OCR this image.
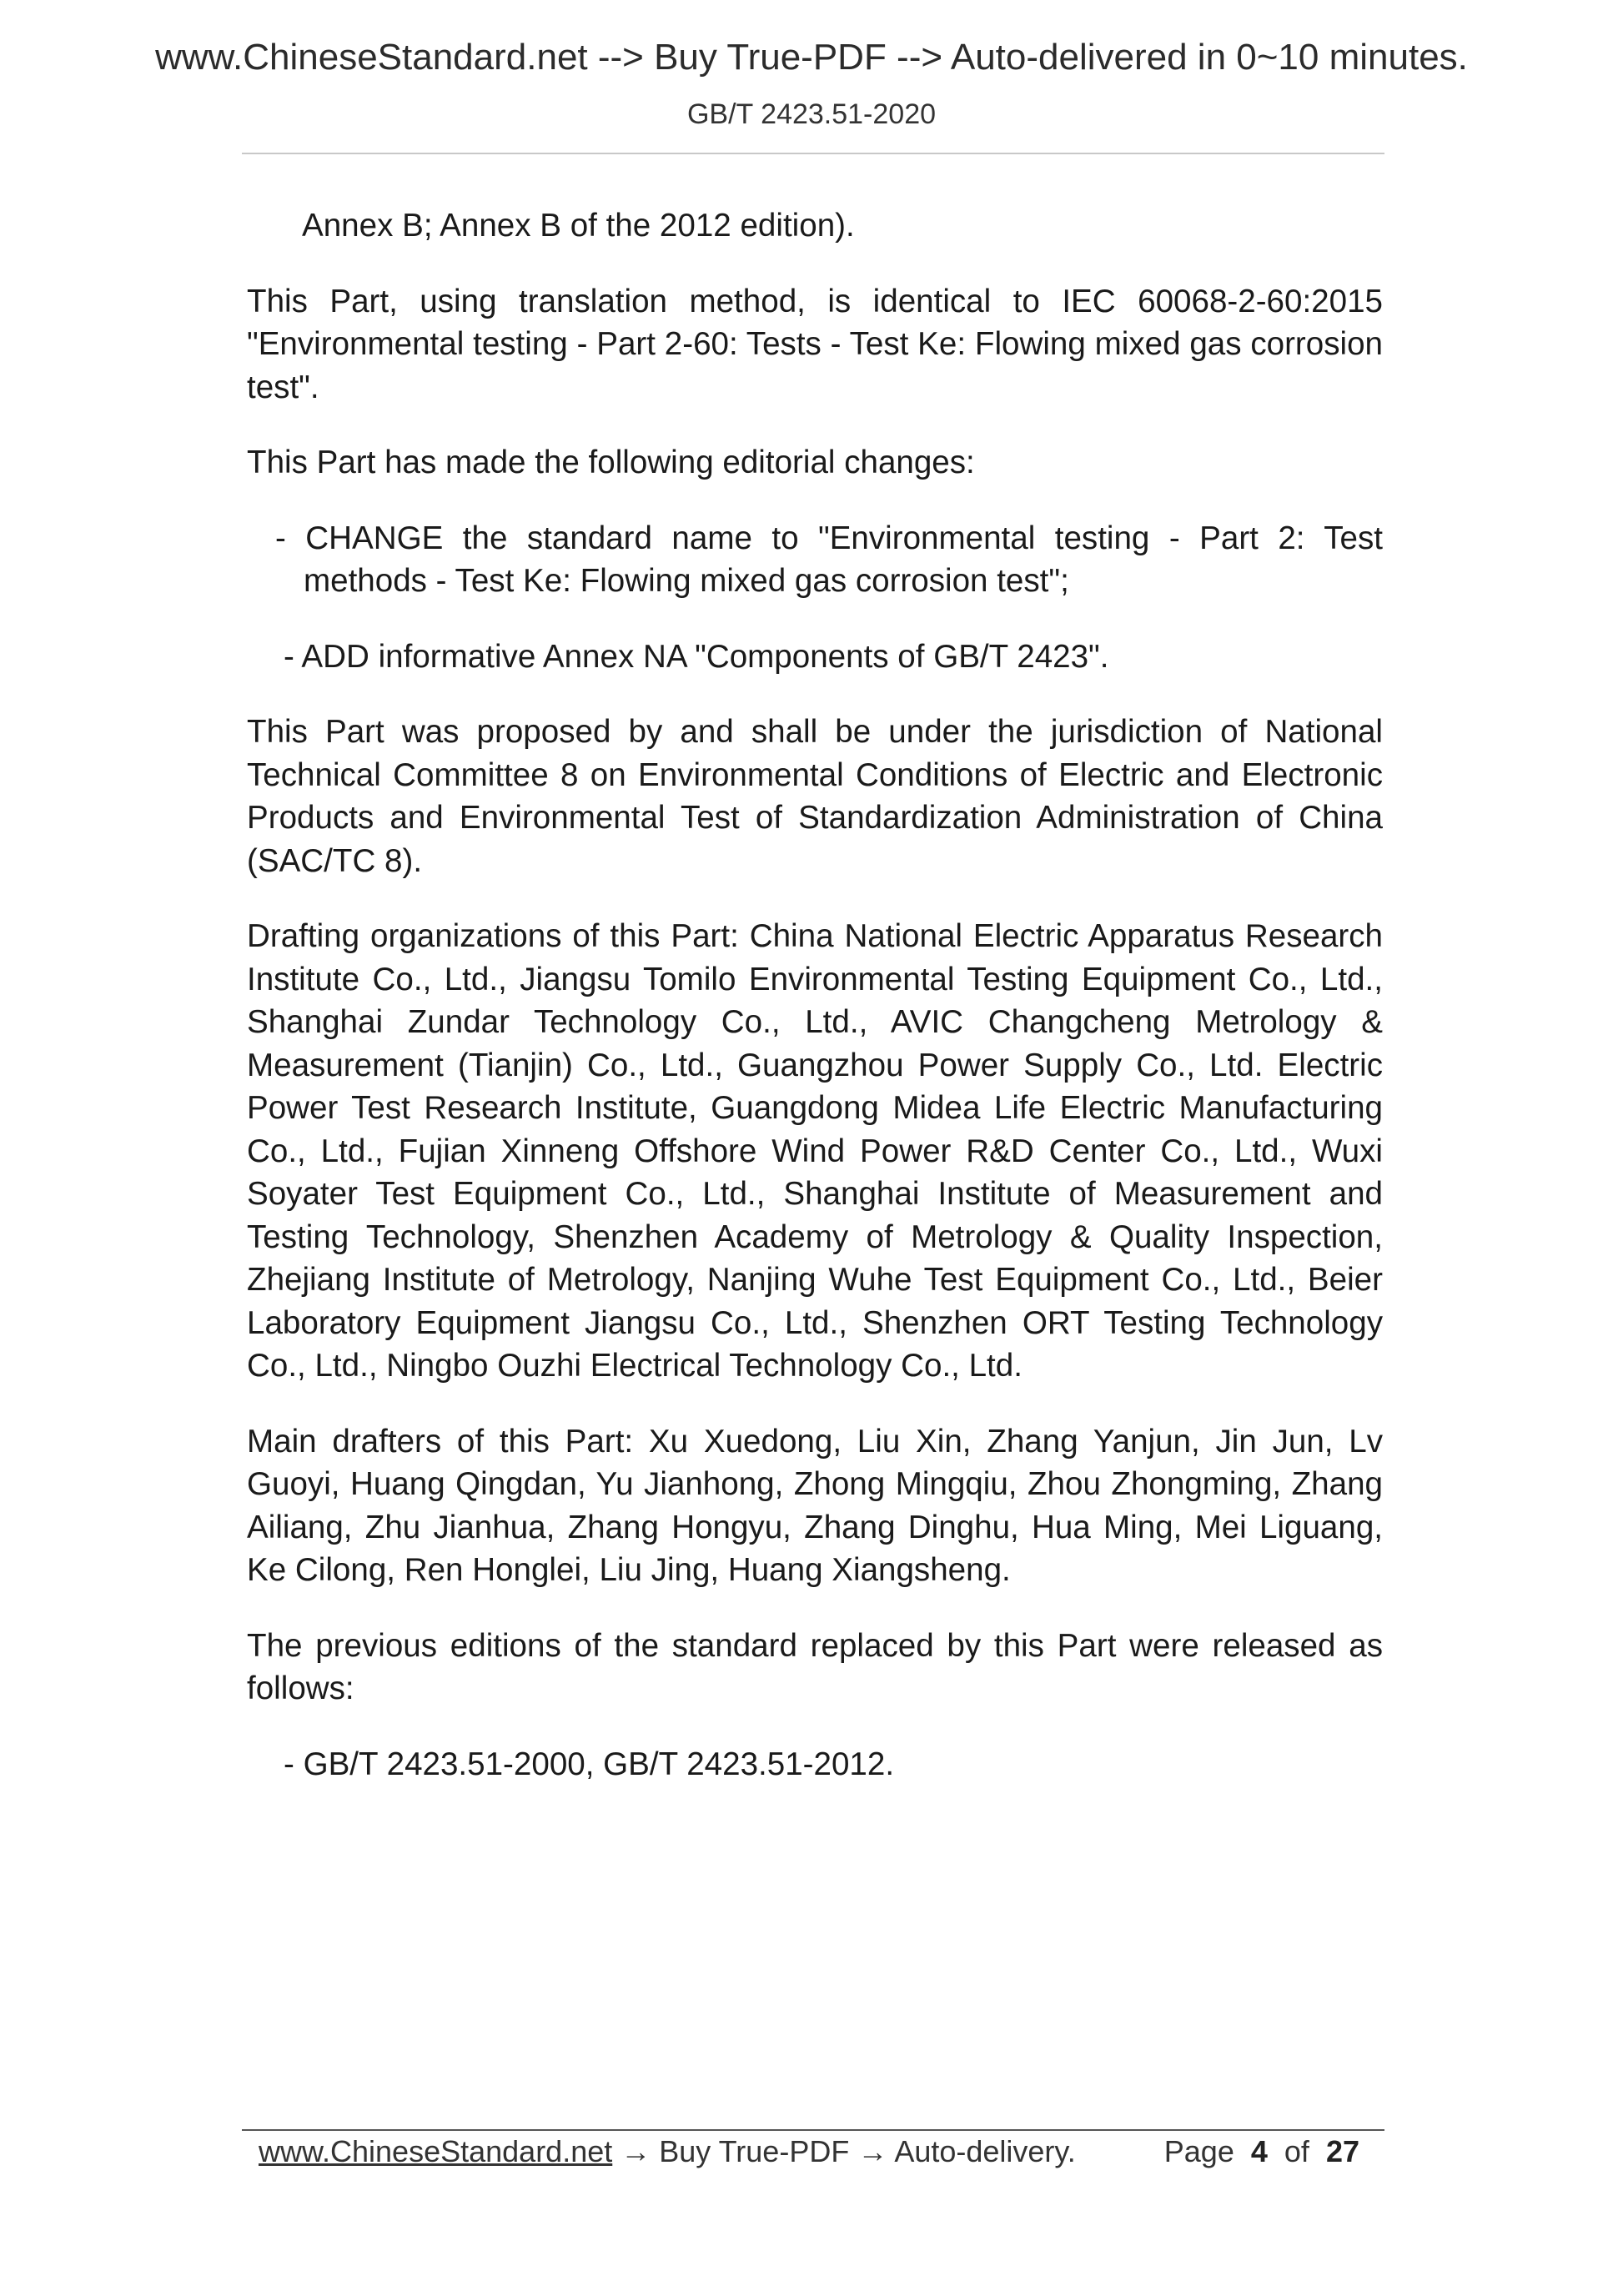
www.ChineseStandard.net --> Buy True-PDF --> Auto-delivered in 0~10 minutes.
GB/T 2423.51-2020

Annex B; Annex B of the 2012 edition).

This Part, using translation method, is identical to IEC 60068-2-60:2015 "Environmental testing - Part 2-60: Tests - Test Ke: Flowing mixed gas corrosion test".

This Part has made the following editorial changes:

- CHANGE the standard name to "Environmental testing - Part 2: Test methods - Test Ke: Flowing mixed gas corrosion test";

- ADD informative Annex NA "Components of GB/T 2423".

This Part was proposed by and shall be under the jurisdiction of National Technical Committee 8 on Environmental Conditions of Electric and Electronic Products and Environmental Test of Standardization Administration of China (SAC/TC 8).

Drafting organizations of this Part: China National Electric Apparatus Research Institute Co., Ltd., Jiangsu Tomilo Environmental Testing Equipment Co., Ltd., Shanghai Zundar Technology Co., Ltd., AVIC Changcheng Metrology & Measurement (Tianjin) Co., Ltd., Guangzhou Power Supply Co., Ltd. Electric Power Test Research Institute, Guangdong Midea Life Electric Manufacturing Co., Ltd., Fujian Xinneng Offshore Wind Power R&D Center Co., Ltd., Wuxi Soyater Test Equipment Co., Ltd., Shanghai Institute of Measurement and Testing Technology, Shenzhen Academy of Metrology & Quality Inspection, Zhejiang Institute of Metrology, Nanjing Wuhe Test Equipment Co., Ltd., Beier Laboratory Equipment Jiangsu Co., Ltd., Shenzhen ORT Testing Technology Co., Ltd., Ningbo Ouzhi Electrical Technology Co., Ltd.

Main drafters of this Part: Xu Xuedong, Liu Xin, Zhang Yanjun, Jin Jun, Lv Guoyi, Huang Qingdan, Yu Jianhong, Zhong Mingqiu, Zhou Zhongming, Zhang Ailiang, Zhu Jianhua, Zhang Hongyu, Zhang Dinghu, Hua Ming, Mei Liguang, Ke Cilong, Ren Honglei, Liu Jing, Huang Xiangsheng.

The previous editions of the standard replaced by this Part were released as follows:

- GB/T 2423.51-2000, GB/T 2423.51-2012.

www.ChineseStandard.net → Buy True-PDF → Auto-delivery.	Page 4 of 27
